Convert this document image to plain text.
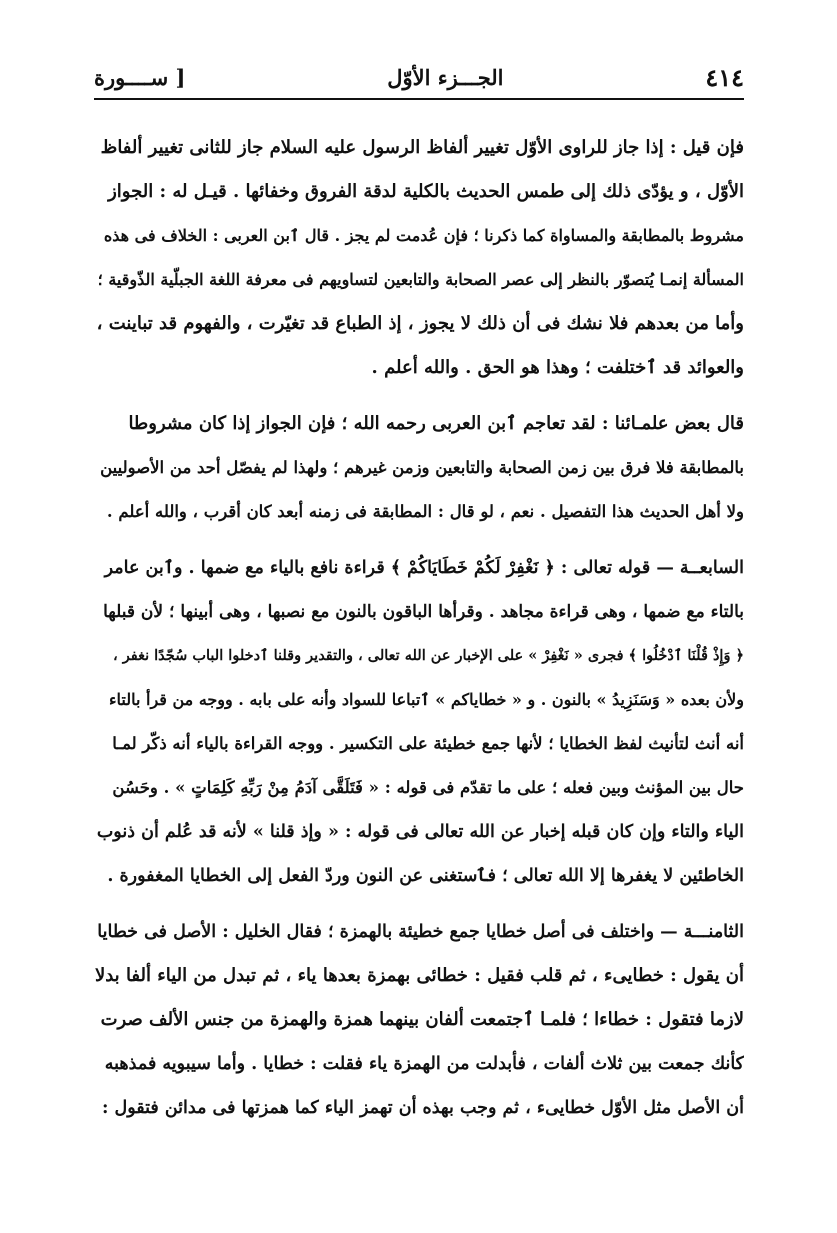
٤١٤
الجـــزء الأوّل
[ ســــورة
فإن قيل : إذا جاز للراوى الأوّل تغيير ألفاظ الرسول عليه السلام جاز للثانى تغيير ألفاظ
الأوّل ، و يؤدّى ذلك إلى طمس الحديث بالكلية لدقة الفروق وخفائها . قيـل له : الجواز
مشروط بالمطابقة والمساواة كما ذكرنا ؛ فإن عُدمت لم يجز . قال ٱبن العربى : الخلاف فى هذه
المسألة إنمـا يُتصوّر بالنظر إلى عصر الصحابة والتابعين لتساويهم فى معرفة اللغة الجبلّية الذّوقية ؛
وأما من بعدهم فلا نشك فى أن ذلك لا يجوز ، إذ الطباع قد تغيّرت ، والفهوم قد تباينت ،
والعوائد قد ٱختلفت ؛ وهذا هو الحق . والله أعلم .
قال بعض علمـائنا : لقد تعاجم ٱبن العربى رحمه الله ؛ فإن الجواز إذا كان مشروطا
بالمطابقة فلا فرق بين زمن الصحابة والتابعين وزمن غيرهم ؛ ولهذا لم يفصّل أحد من الأصوليين
ولا أهل الحديث هذا التفصيل . نعم ، لو قال : المطابقة فى زمنه أبعد كان أقرب ، والله أعلم .
السابعــة — قوله تعالى : ﴿ نَغْفِرْ لَكُمْ خَطَايَاكُمْ ﴾ قراءة نافع بالياء مع ضمها . وٱبن عامر
بالتاء مع ضمها ، وهى قراءة مجاهد . وقرأها الباقون بالنون مع نصبها ، وهى أبينها ؛ لأن قبلها
﴿ وَإِذْ قُلْنَا ٱدْخُلُوا ﴾ فجرى « نَغْفِرْ » على الإخبار عن الله تعالى ، والتقدير وقلنا ٱدخلوا الباب سُجّدًا نغفر ،
ولأن بعده « وَسَنَزِيدُ » بالنون . و « خطاياكم » ٱتباعا للسواد وأنه على بابه . ووجه من قرأ بالتاء
أنه أنث لتأنيث لفظ الخطايا ؛ لأنها جمع خطيئة على التكسير . ووجه القراءة بالياء أنه ذكّر لمـا
حال بين المؤنث وبين فعله ؛ على ما تقدّم فى قوله : « فَتَلَقَّى آدَمُ مِنْ رَبِّهِ كَلِمَاتٍ » . وحَسُن
الياء والتاء وإن كان قبله إخبار عن الله تعالى فى قوله : « وإذ قلنا » لأنه قد عُلم أن ذنوب
الخاطئين لا يغفرها إلا الله تعالى ؛ فٱستغنى عن النون وردّ الفعل إلى الخطايا المغفورة .
الثامنـــة — واختلف فى أصل خطايا جمع خطيئة بالهمزة ؛ فقال الخليل : الأصل فى خطايا
أن يقول : خطايىء ، ثم قلب فقيل : خطائى بهمزة بعدها ياء ، ثم تبدل من الياء ألفا بدلا
لازما فتقول : خطاءا ؛ فلمـا ٱجتمعت ألفان بينهما همزة والهمزة من جنس الألف صرت
كأنك جمعت بين ثلاث ألفات ، فأبدلت من الهمزة ياء فقلت : خطايا . وأما سيبويه فمذهبه
أن الأصل مثل الأوّل خطايىء ، ثم وجب بهذه أن تهمز الياء كما همزتها فى مدائن فتقول :
